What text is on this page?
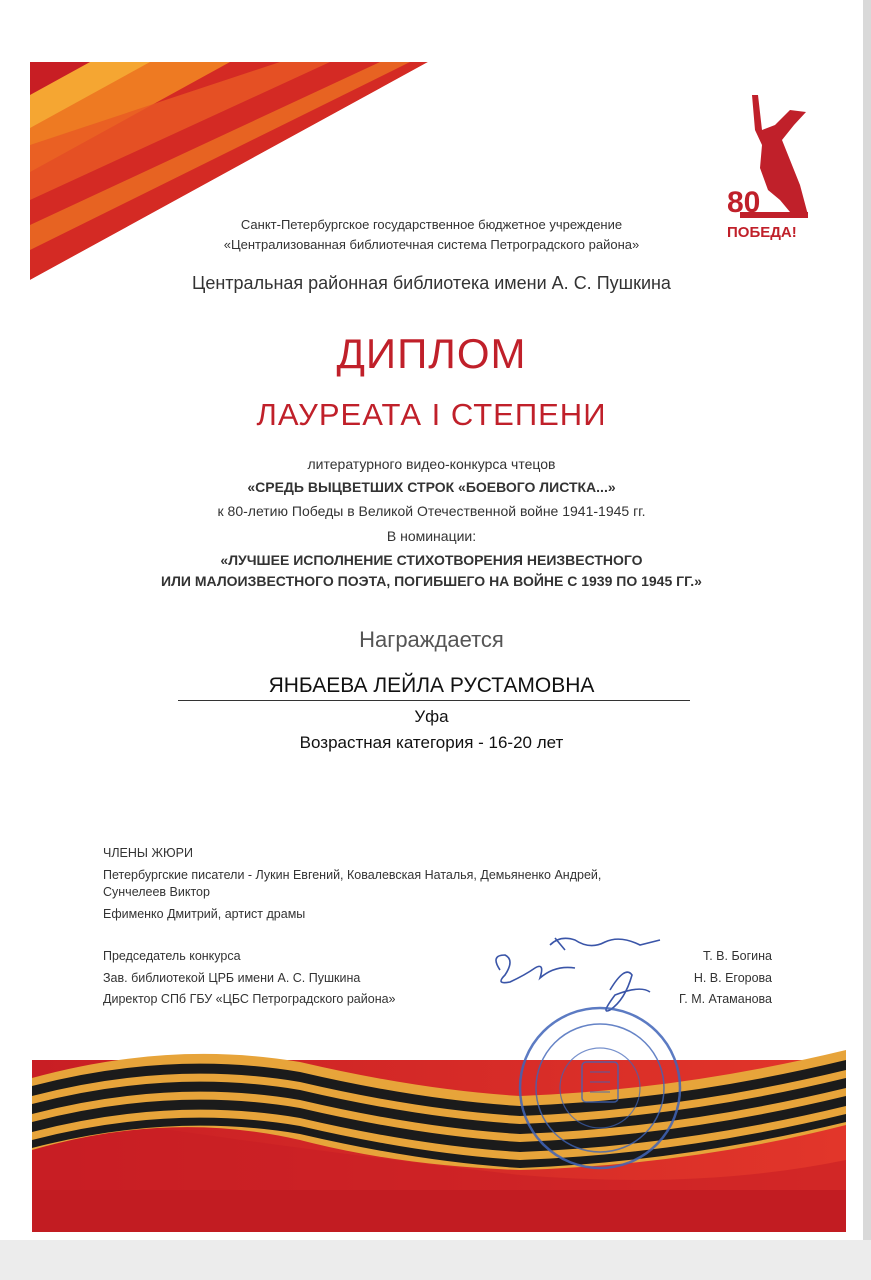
80
ПОБЕДА!
Санкт-Петербургское государственное бюджетное учреждение
«Централизованная библиотечная система Петроградского района»
Центральная районная библиотека имени А. С. Пушкина
ДИПЛОМ
ЛАУРЕАТА I СТЕПЕНИ
литературного видео-конкурса чтецов
«СРЕДЬ ВЫЦВЕТШИХ СТРОК «БОЕВОГО ЛИСТКА...»
к 80-летию Победы в Великой Отечественной войне 1941-1945 гг.
В номинации:
«ЛУЧШЕЕ ИСПОЛНЕНИЕ СТИХОТВОРЕНИЯ НЕИЗВЕСТНОГО
ИЛИ МАЛОИЗВЕСТНОГО ПОЭТА, ПОГИБШЕГО НА ВОЙНЕ С 1939 ПО 1945 ГГ.»
Награждается
ЯНБАЕВА ЛЕЙЛА РУСТАМОВНА
Уфа
Возрастная категория - 16-20 лет
ЧЛЕНЫ ЖЮРИ
Петербургские писатели - Лукин Евгений, Ковалевская Наталья, Демьяненко Андрей,
Сунчелеев Виктор
Ефименко Дмитрий, артист драмы
Председатель конкурса
Зав. библиотекой ЦРБ имени А. С. Пушкина
Директор СПб ГБУ «ЦБС Петроградского района»
Т. В. Богина
Н. В. Егорова
Г. М. Атаманова
